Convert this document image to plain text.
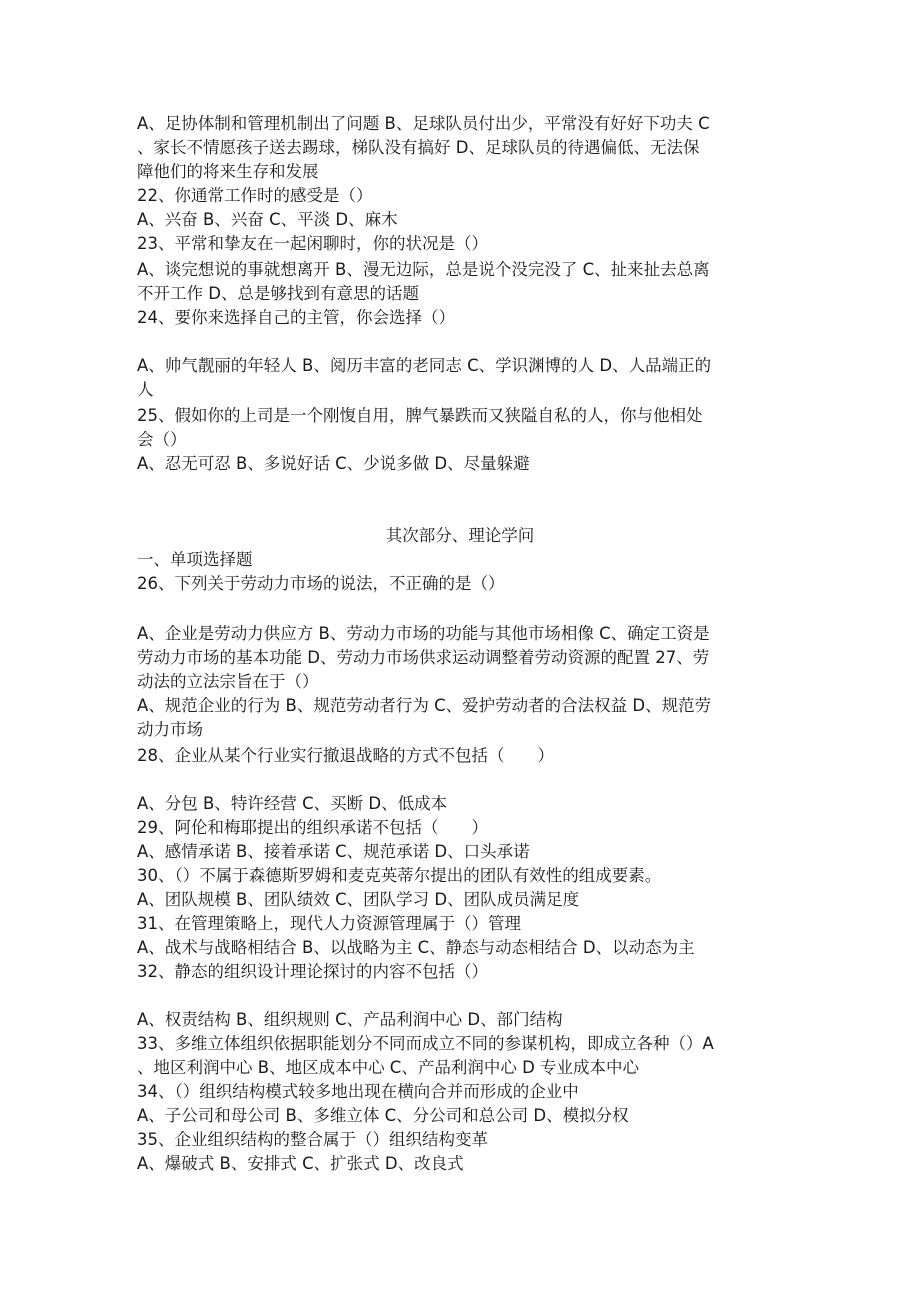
A、足协体制和管理机制出了问题 B、足球队员付出少，平常没有好好下功夫 C
、家长不情愿孩子送去踢球，梯队没有搞好 D、足球队员的待遇偏低、无法保
障他们的将来生存和发展
22、你通常工作时的感受是（）
A、兴奋 B、兴奋 C、平淡 D、麻木
23、平常和挚友在一起闲聊时，你的状况是（）
A、谈完想说的事就想离开 B、漫无边际，总是说个没完没了 C、扯来扯去总离
不开工作 D、总是够找到有意思的话题
24、要你来选择自己的主管，你会选择（）
A、帅气靓丽的年轻人 B、阅历丰富的老同志 C、学识渊博的人 D、人品端正的
人
25、假如你的上司是一个刚愎自用，脾气暴跌而又狭隘自私的人，你与他相处
会（）
A、忍无可忍 B、多说好话 C、少说多做 D、尽量躲避
其次部分、理论学问
一、单项选择题
26、下列关于劳动力市场的说法，不正确的是（）
A、企业是劳动力供应方 B、劳动力市场的功能与其他市场相像 C、确定工资是
劳动力市场的基本功能 D、劳动力市场供求运动调整着劳动资源的配置 27、劳
动法的立法宗旨在于（）
A、规范企业的行为 B、规范劳动者行为 C、爱护劳动者的合法权益 D、规范劳
动力市场
28、企业从某个行业实行撤退战略的方式不包括（　　）
A、分包 B、特许经营 C、买断 D、低成本
29、阿伦和梅耶提出的组织承诺不包括（　　）
A、感情承诺 B、接着承诺 C、规范承诺 D、口头承诺
30、（）不属于森德斯罗姆和麦克英蒂尔提出的团队有效性的组成要素。
A、团队规模 B、团队绩效 C、团队学习 D、团队成员满足度
31、在管理策略上，现代人力资源管理属于（）管理
A、战术与战略相结合 B、以战略为主 C、静态与动态相结合 D、以动态为主
32、静态的组织设计理论探讨的内容不包括（）
A、权责结构 B、组织规则 C、产品利润中心 D、部门结构
33、多维立体组织依据职能划分不同而成立不同的参谋机构，即成立各种（）A
、地区利润中心 B、地区成本中心 C、产品利润中心 D 专业成本中心
34、（）组织结构模式较多地出现在横向合并而形成的企业中
A、子公司和母公司 B、多维立体 C、分公司和总公司 D、模拟分权
35、企业组织结构的整合属于（）组织结构变革
A、爆破式 B、安排式 C、扩张式 D、改良式
